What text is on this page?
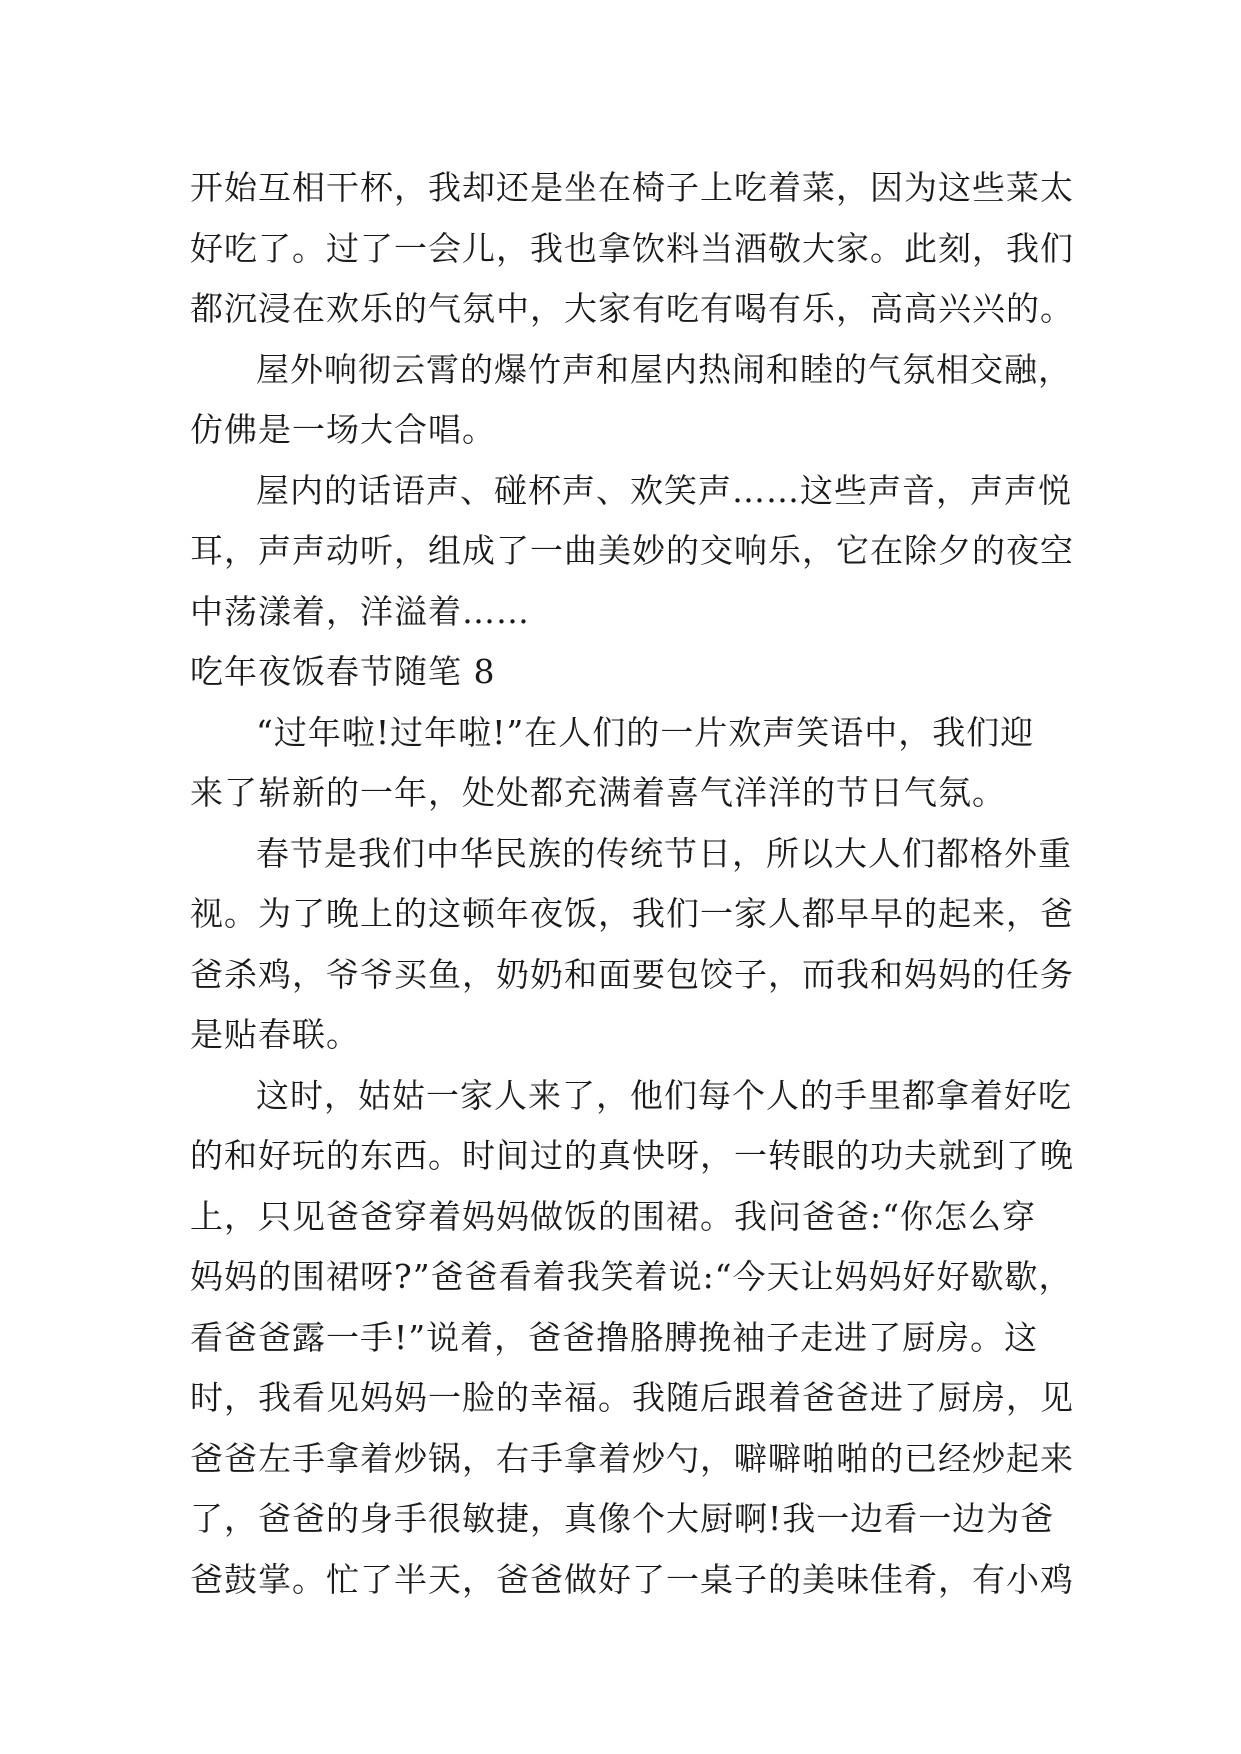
开始互相干杯，我却还是坐在椅子上吃着菜，因为这些菜太
好吃了。过了一会儿，我也拿饮料当酒敬大家。此刻，我们
都沉浸在欢乐的气氛中，大家有吃有喝有乐，高高兴兴的。
屋外响彻云霄的爆竹声和屋内热闹和睦的气氛相交融，
仿佛是一场大合唱。
屋内的话语声、碰杯声、欢笑声……这些声音，声声悦
耳，声声动听，组成了一曲美妙的交响乐，它在除夕的夜空
中荡漾着，洋溢着……
吃年夜饭春节随笔 8
“过年啦!过年啦!”在人们的一片欢声笑语中，我们迎
来了崭新的一年，处处都充满着喜气洋洋的节日气氛。
春节是我们中华民族的传统节日，所以大人们都格外重
视。为了晚上的这顿年夜饭，我们一家人都早早的起来，爸
爸杀鸡，爷爷买鱼，奶奶和面要包饺子，而我和妈妈的任务
是贴春联。
这时，姑姑一家人来了，他们每个人的手里都拿着好吃
的和好玩的东西。时间过的真快呀，一转眼的功夫就到了晚
上，只见爸爸穿着妈妈做饭的围裙。我问爸爸:“你怎么穿
妈妈的围裙呀?”爸爸看着我笑着说:“今天让妈妈好好歇歇，
看爸爸露一手!”说着，爸爸撸胳膊挽袖子走进了厨房。这
时，我看见妈妈一脸的幸福。我随后跟着爸爸进了厨房，见
爸爸左手拿着炒锅，右手拿着炒勺，噼噼啪啪的已经炒起来
了，爸爸的身手很敏捷，真像个大厨啊!我一边看一边为爸
爸鼓掌。忙了半天，爸爸做好了一桌子的美味佳肴，有小鸡
